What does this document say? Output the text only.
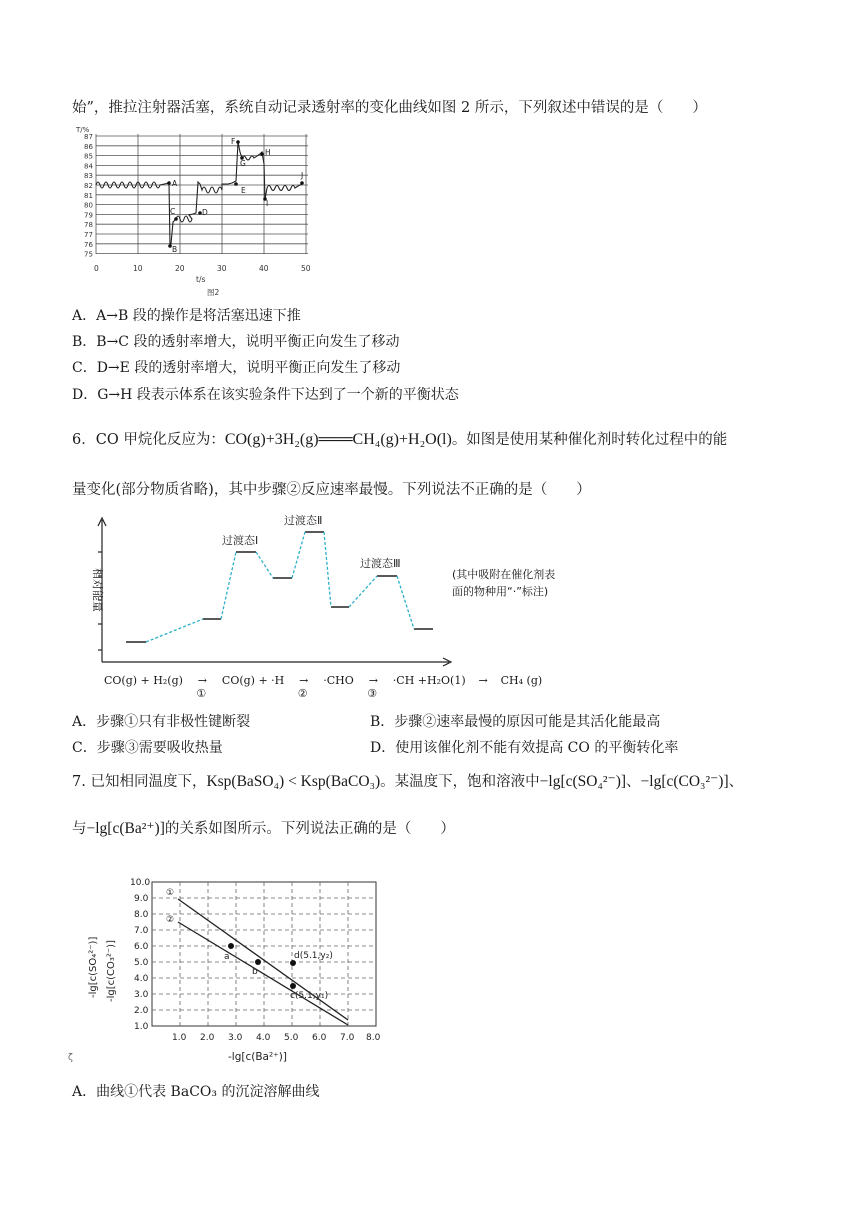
始”，推拉注射器活塞，系统自动记录透射率的变化曲线如图 2 所示，下列叙述中错误的是（　　）
A
B
C	D
E
F
G
H
I
J
T/%
87
86
85
84
83
82
81
80
79
78
77
76
75
0	10	20	30	40	50
t/s
图2
A．A→B 段的操作是将活塞迅速下推
B．B→C 段的透射率增大，说明平衡正向发生了移动
C．D→E 段的透射率增大，说明平衡正向发生了移动
D．G→H 段表示体系在该实验条件下达到了一个新的平衡状态
6．CO 甲烷化反应为：CO(g)+3H₂(g)═══CH₄(g)+H₂O(l)。如图是使用某种催化剂时转化过程中的能
量变化(部分物质省略)，其中步骤②反应速率最慢。下列说法不正确的是（　　）
相对能量
过渡态Ⅰ
过渡态Ⅱ
过渡态Ⅲ
(其中吸附在催化剂表
面的物种用“·”标注)
CO(g) + H₂(g) →
①
CO(g) + ·H →
②
·CHO →
③
·CH +H₂O(1) → CH₄ (g)
A．步骤①只有非极性键断裂	B．步骤②速率最慢的原因可能是其活化能最高
C．步骤③需要吸收热量	D．使用该催化剂不能有效提高 CO 的平衡转化率
7. 已知相同温度下，Ksp(BaSO₄) < Ksp(BaCO₃)。某温度下，饱和溶液中−lg[c(SO₄²⁻)]、−lg[c(CO₃²⁻)]、
与−lg[c(Ba²⁺)]的关系如图所示。下列说法正确的是（　　）
①
②
a
b
c(5.1,y₁)
d(5.1,y₂)
10.0
9.0
8.0
7.0
6.0
5.0
4.0
3.0
2.0
1.0
1.0 2.0 3.0 4.0 5.0 6.0 7.0 8.0
-lg[c(Ba²⁺)]
ζ
-lg[c(SO₄²⁻)] -lg[c(CO₃²⁻)]
A．曲线①代表 BaCO₃ 的沉淀溶解曲线
